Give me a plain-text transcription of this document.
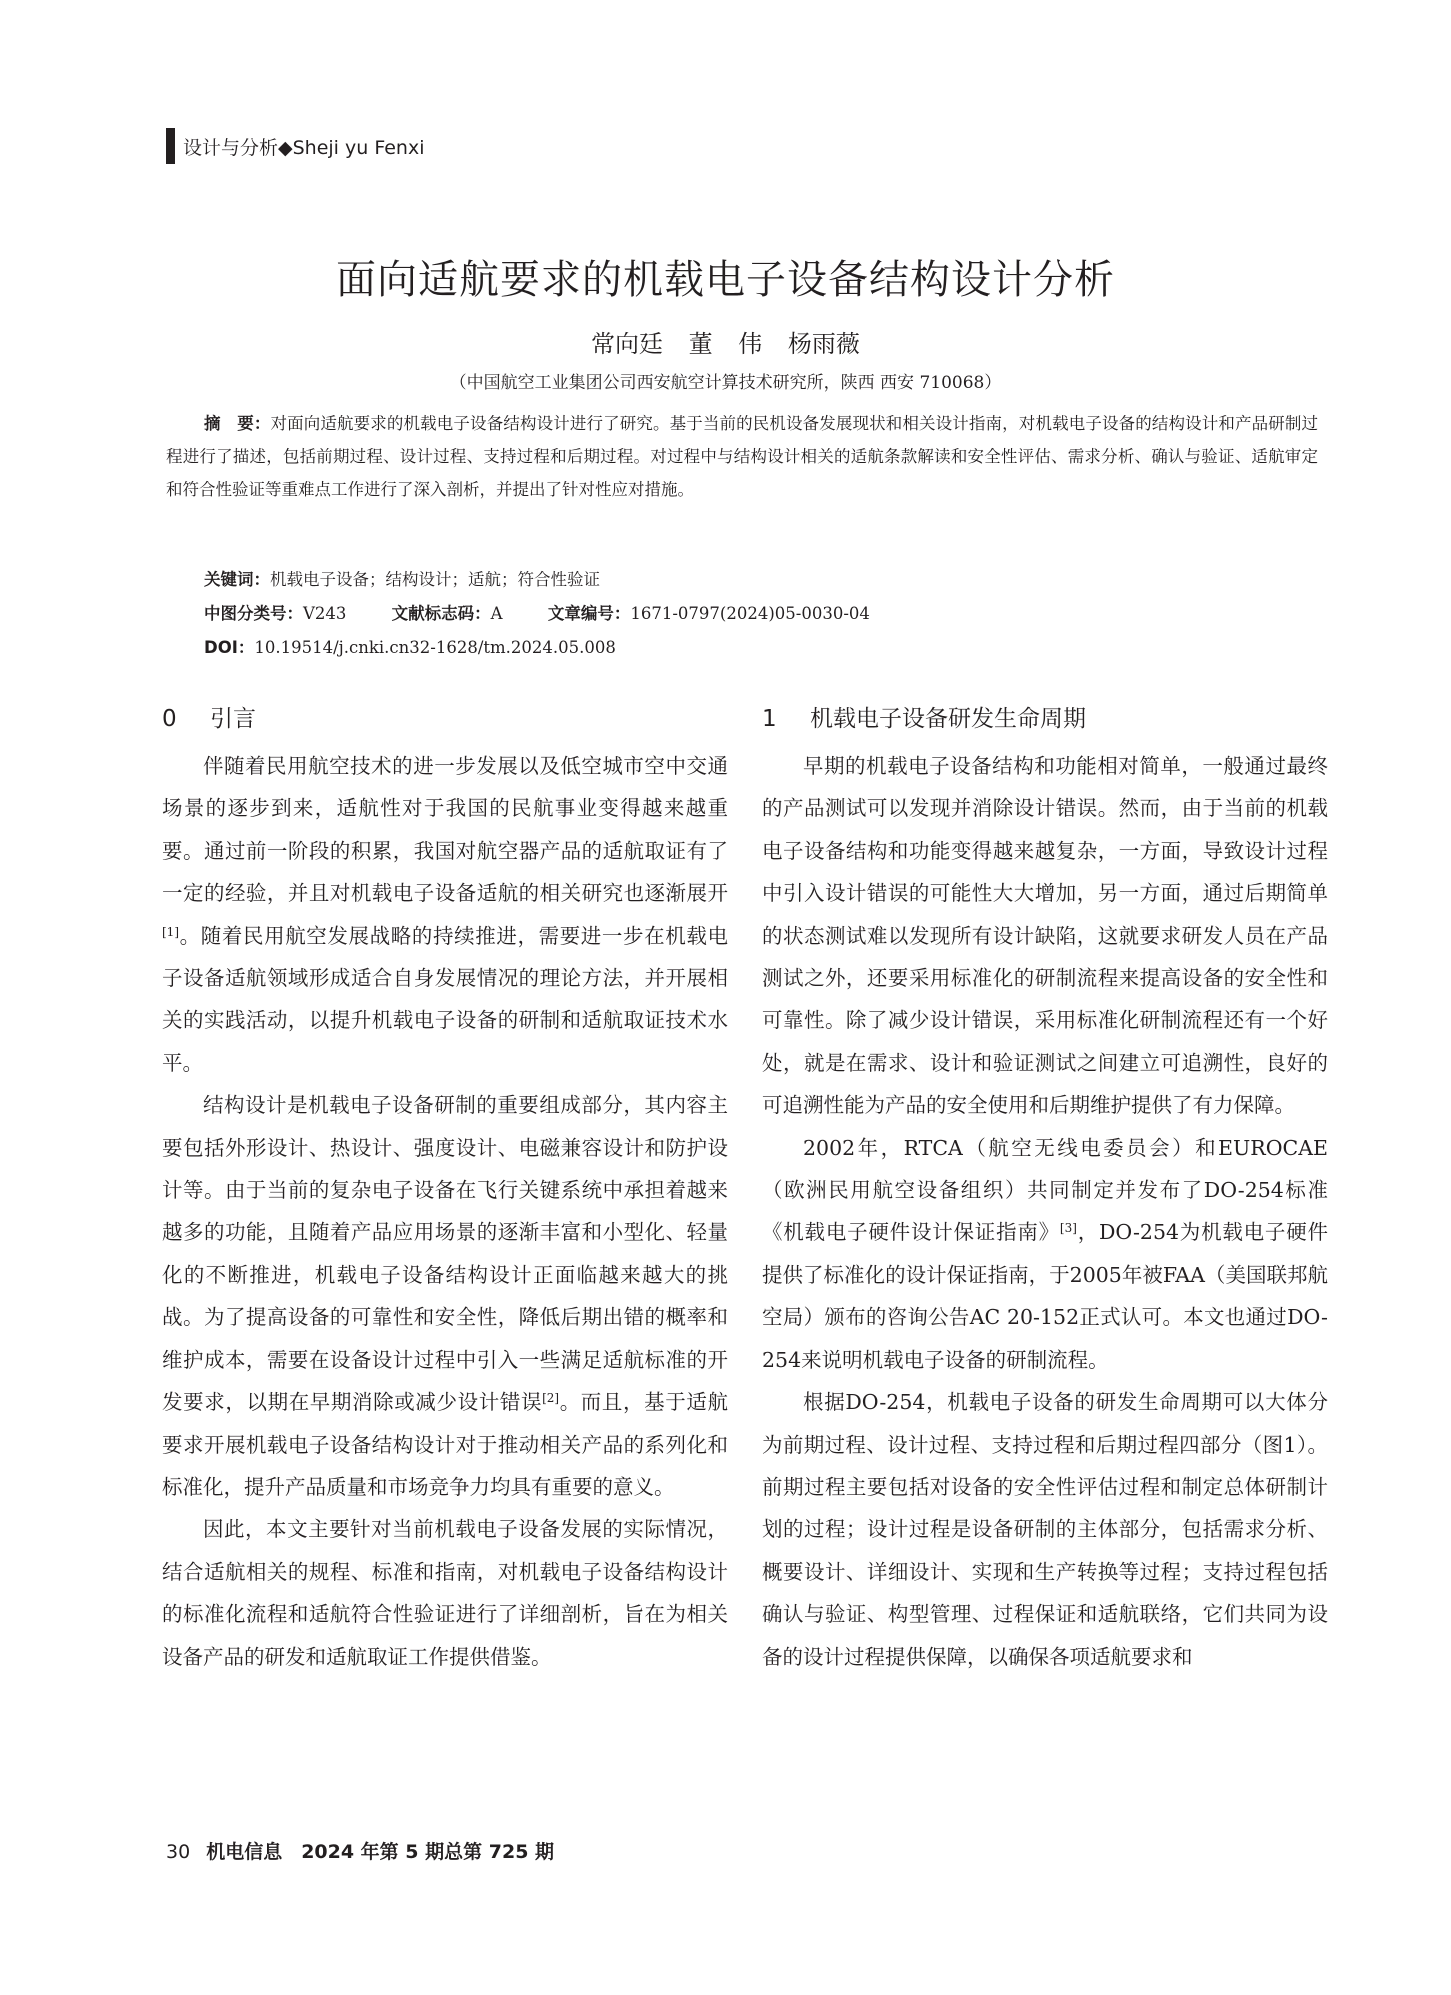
设计与分析◆Sheji yu Fenxi
面向适航要求的机载电子设备结构设计分析
常向廷 董 伟 杨雨薇
（中国航空工业集团公司西安航空计算技术研究所，陕西 西安 710068）
摘　要：对面向适航要求的机载电子设备结构设计进行了研究。基于当前的民机设备发展现状和相关设计指南，对机载电子设备的结构设计和产品研制过程进行了描述，包括前期过程、设计过程、支持过程和后期过程。对过程中与结构设计相关的适航条款解读和安全性评估、需求分析、确认与验证、适航审定和符合性验证等重难点工作进行了深入剖析，并提出了针对性应对措施。
关键词：机载电子设备；结构设计；适航；符合性验证
中图分类号：V243	文献标志码：A	文章编号：1671-0797(2024)05-0030-04
DOI：10.19514/j.cnki.cn32-1628/tm.2024.05.008
0 引言

伴随着民用航空技术的进一步发展以及低空城市空中交通场景的逐步到来，适航性对于我国的民航事业变得越来越重要。通过前一阶段的积累，我国对航空器产品的适航取证有了一定的经验，并且对机载电子设备适航的相关研究也逐渐展开[1]。随着民用航空发展战略的持续推进，需要进一步在机载电子设备适航领域形成适合自身发展情况的理论方法，并开展相关的实践活动，以提升机载电子设备的研制和适航取证技术水平。

结构设计是机载电子设备研制的重要组成部分，其内容主要包括外形设计、热设计、强度设计、电磁兼容设计和防护设计等。由于当前的复杂电子设备在飞行关键系统中承担着越来越多的功能，且随着产品应用场景的逐渐丰富和小型化、轻量化的不断推进，机载电子设备结构设计正面临越来越大的挑战。为了提高设备的可靠性和安全性，降低后期出错的概率和维护成本，需要在设备设计过程中引入一些满足适航标准的开发要求，以期在早期消除或减少设计错误[2]。而且，基于适航要求开展机载电子设备结构设计对于推动相关产品的系列化和标准化，提升产品质量和市场竞争力均具有重要的意义。

因此，本文主要针对当前机载电子设备发展的实际情况，结合适航相关的规程、标准和指南，对机载电子设备结构设计的标准化流程和适航符合性验证进行了详细剖析，旨在为相关设备产品的研发和适航取证工作提供借鉴。

1 机载电子设备研发生命周期

早期的机载电子设备结构和功能相对简单，一般通过最终的产品测试可以发现并消除设计错误。然而，由于当前的机载电子设备结构和功能变得越来越复杂，一方面，导致设计过程中引入设计错误的可能性大大增加，另一方面，通过后期简单的状态测试难以发现所有设计缺陷，这就要求研发人员在产品测试之外，还要采用标准化的研制流程来提高设备的安全性和可靠性。除了减少设计错误，采用标准化研制流程还有一个好处，就是在需求、设计和验证测试之间建立可追溯性，良好的可追溯性能为产品的安全使用和后期维护提供了有力保障。

2002年，RTCA（航空无线电委员会）和EUROCAE（欧洲民用航空设备组织）共同制定并发布了DO-254标准《机载电子硬件设计保证指南》[3]，DO-254为机载电子硬件提供了标准化的设计保证指南，于2005年被FAA（美国联邦航空局）颁布的咨询公告AC 20-152正式认可。本文也通过DO-254来说明机载电子设备的研制流程。

根据DO-254，机载电子设备的研发生命周期可以大体分为前期过程、设计过程、支持过程和后期过程四部分（图1）。前期过程主要包括对设备的安全性评估过程和制定总体研制计划的过程；设计过程是设备研制的主体部分，包括需求分析、概要设计、详细设计、实现和生产转换等过程；支持过程包括确认与验证、构型管理、过程保证和适航联络，它们共同为设备的设计过程提供保障，以确保各项适航要求和

30 机电信息　2024 年第 5 期总第 725 期
